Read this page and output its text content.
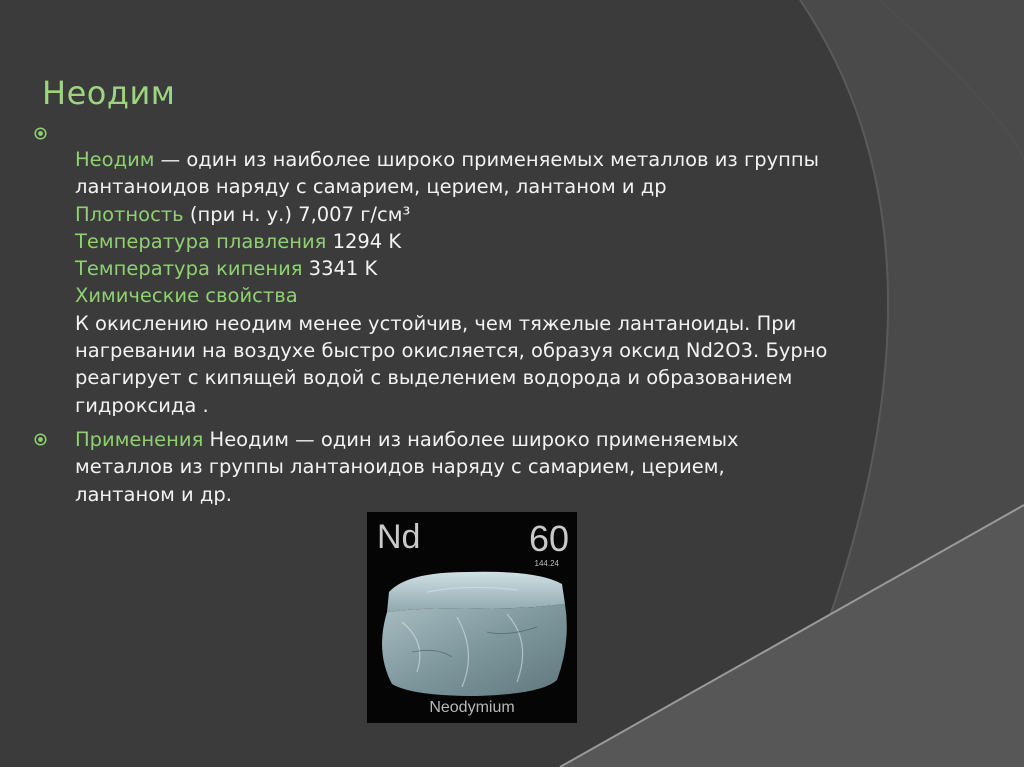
Неодим
Неодим — один из наиболее широко применяемых металлов из группы
лантаноидов наряду с самарием, церием, лантаном и др
Плотность (при н. у.) 7,007 г/см³
Температура плавления 1294 K
Температура кипения 3341 K
Химические свойства
К окислению неодим менее устойчив, чем тяжелые лантаноиды. При
нагревании на воздухе быстро окисляется, образуя оксид Nd2O3. Бурно
реагирует с кипящей водой с выделением водорода и образованием
гидроксида .
Применения Неодим — один из наиболее широко применяемых
металлов из группы лантаноидов наряду с самарием, церием,
лантаном и др.
Nd	60
144.24
Neodymium
